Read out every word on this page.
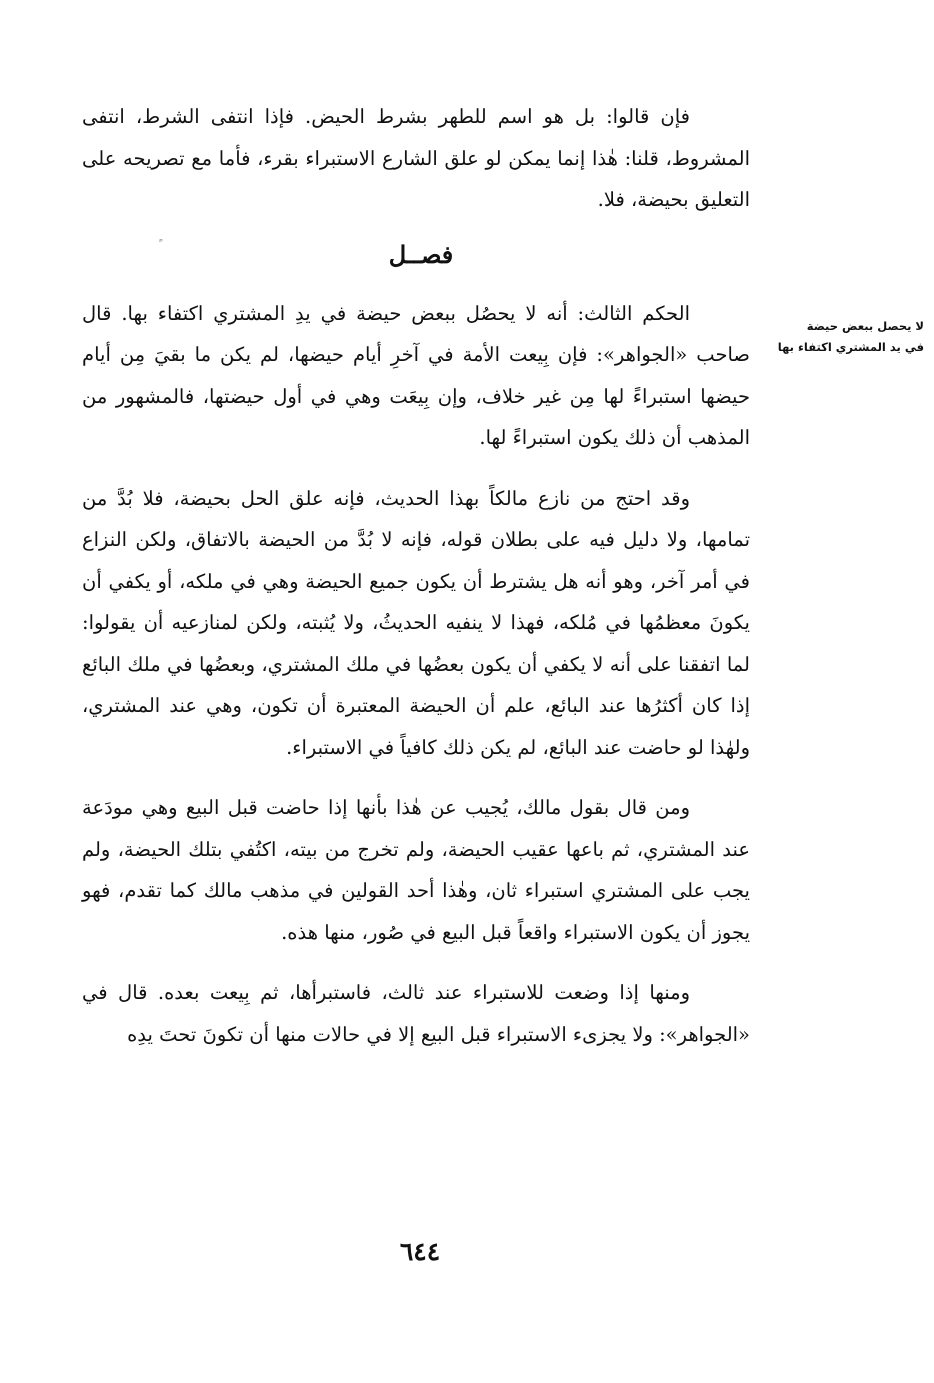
لا يحصل ببعض حيضة
في يد المشتري اكتفاء بها

فإن قالوا: بل هو اسم للطهر بشرط الحيض. فإذا انتفى الشرط، انتفى المشروط، قلنا: هٰذا إنما يمكن لو علق الشارع الاستبراء بقرء، فأما مع تصريحه على التعليق بحيضة، فلا.

فصــل

الحكم الثالث: أنه لا يحصُل ببعض حيضة في يدِ المشتري اكتفاء بها. قال صاحب «الجواهر»: فإن بِيعت الأمة في آخرِ أيام حيضها، لم يكن ما بقيَ مِن أيام حيضها استبراءً لها مِن غير خلاف، وإن بِيعَت وهي في أول حيضتها، فالمشهور من المذهب أن ذلك يكون استبراءً لها.

وقد احتج من نازع مالكاً بهذا الحديث، فإنه علق الحل بحيضة، فلا بُدَّ من تمامها، ولا دليل فيه على بطلان قوله، فإنه لا بُدَّ من الحيضة بالاتفاق، ولكن النزاع في أمر آخر، وهو أنه هل يشترط أن يكون جميع الحيضة وهي في ملكه، أو يكفي أن يكونَ معظمُها في مُلكه، فهذا لا ينفيه الحديثُ، ولا يُثبته، ولكن لمنازعيه أن يقولوا: لما اتفقنا على أنه لا يكفي أن يكون بعضُها في ملك المشتري، وبعضُها في ملك البائع إذا كان أكثرُها عند البائع، علم أن الحيضة المعتبرة أن تكون، وهي عند المشتري، ولهٰذا لو حاضت عند البائع، لم يكن ذلك كافياً في الاستبراء.

ومن قال بقول مالك، يُجيب عن هٰذا بأنها إذا حاضت قبل البيع وهي مودَعة عند المشتري، ثم باعها عقيب الحيضة، ولم تخرج من بيته، اكتُفي بتلك الحيضة، ولم يجب على المشتري استبراء ثان، وهٰذا أحد القولين في مذهب مالك كما تقدم، فهو يجوز أن يكون الاستبراء واقعاً قبل البيع في صُور، منها هذه.

ومنها إذا وضعت للاستبراء عند ثالث، فاستبرأها، ثم بِيعت بعده. قال في «الجواهر»: ولا يجزىء الاستبراء قبل البيع إلا في حالات منها أن تكونَ تحتَ يدِه

٦٤٤
